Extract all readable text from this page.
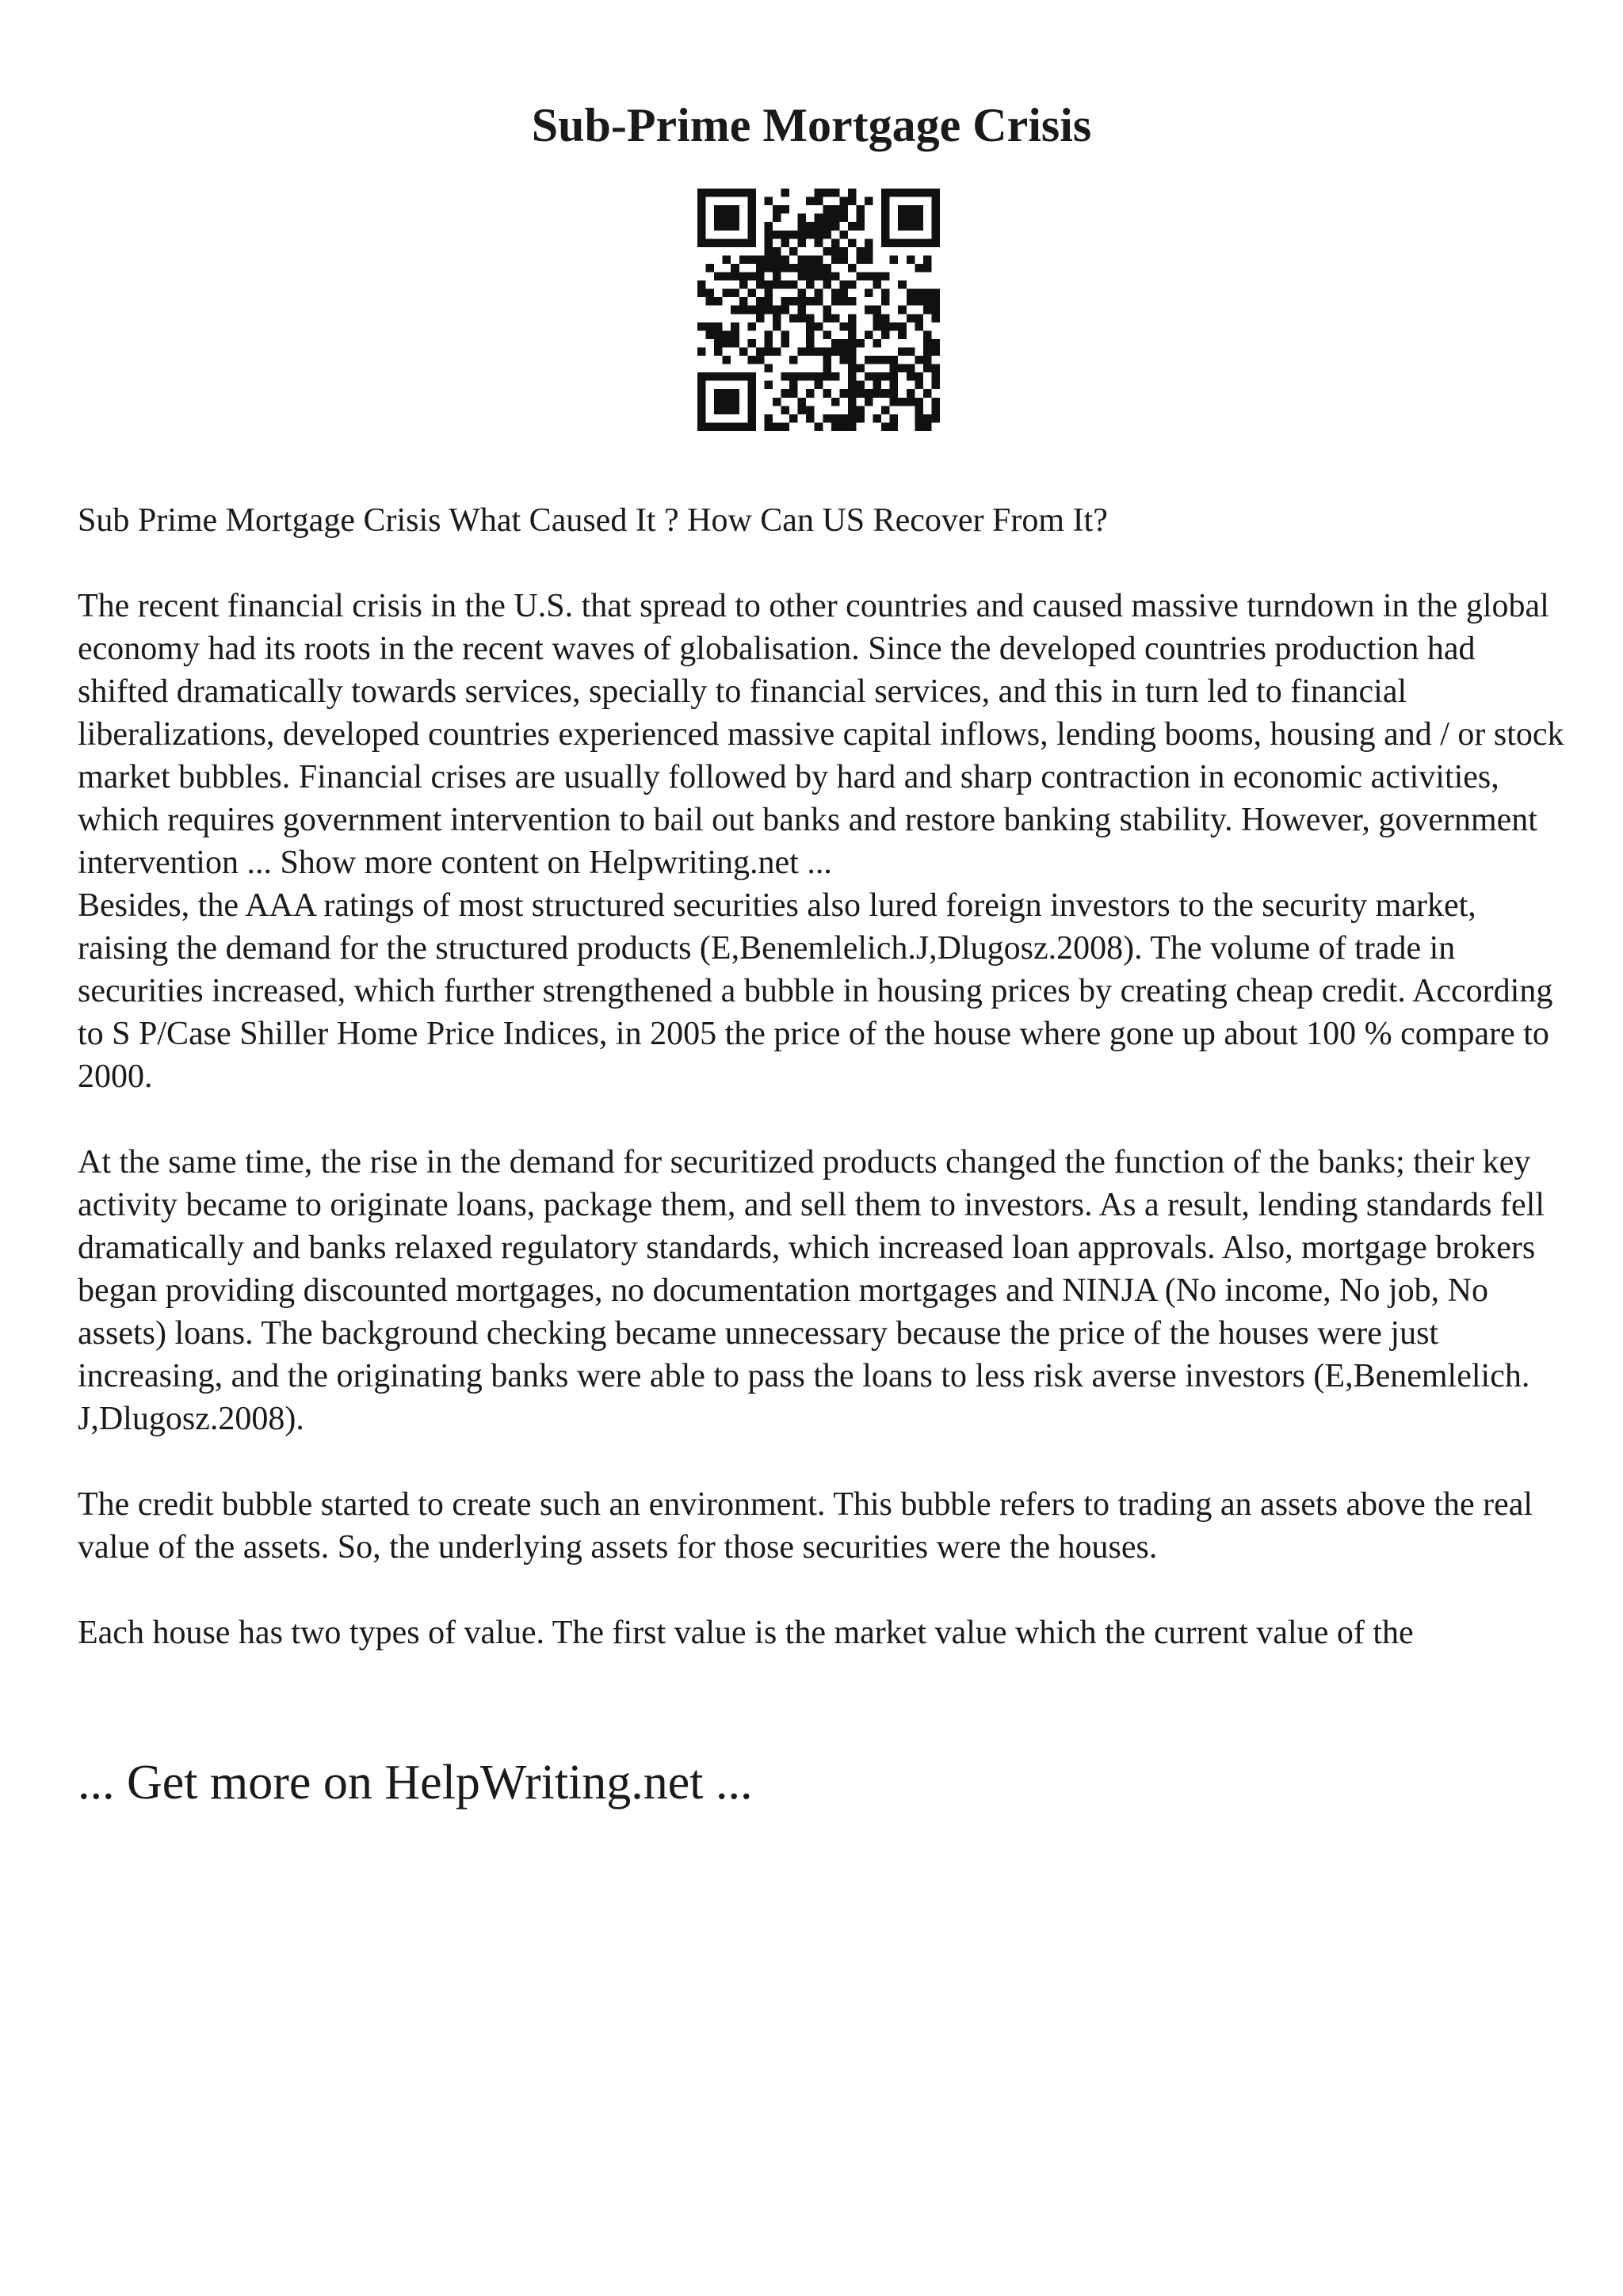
Sub-Prime Mortgage Crisis

Sub Prime Mortgage Crisis What Caused It ? How Can US Recover From It?

The recent financial crisis in the U.S. that spread to other countries and caused massive turndown in the global economy had its roots in the recent waves of globalisation. Since the developed countries production had shifted dramatically towards services, specially to financial services, and this in turn led to financial liberalizations, developed countries experienced massive capital inflows, lending booms, housing and / or stock market bubbles. Financial crises are usually followed by hard and sharp contraction in economic activities, which requires government intervention to bail out banks and restore banking stability. However, government intervention ... Show more content on Helpwriting.net ...

Besides, the AAA ratings of most structured securities also lured foreign investors to the security market, raising the demand for the structured products (E,Benemlelich.J,Dlugosz.2008). The volume of trade in securities increased, which further strengthened a bubble in housing prices by creating cheap credit. According to S P/Case Shiller Home Price Indices, in 2005 the price of the house where gone up about 100 % compare to 2000.

At the same time, the rise in the demand for securitized products changed the function of the banks; their key activity became to originate loans, package them, and sell them to investors. As a result, lending standards fell dramatically and banks relaxed regulatory standards, which increased loan approvals. Also, mortgage brokers began providing discounted mortgages, no documentation mortgages and NINJA (No income, No job, No assets) loans. The background checking became unnecessary because the price of the houses were just increasing, and the originating banks were able to pass the loans to less risk averse investors (E,Benemlelich. J,Dlugosz.2008).

The credit bubble started to create such an environment. This bubble refers to trading an assets above the real value of the assets. So, the underlying assets for those securities were the houses.

Each house has two types of value. The first value is the market value which the current value of the

... Get more on HelpWriting.net ...
